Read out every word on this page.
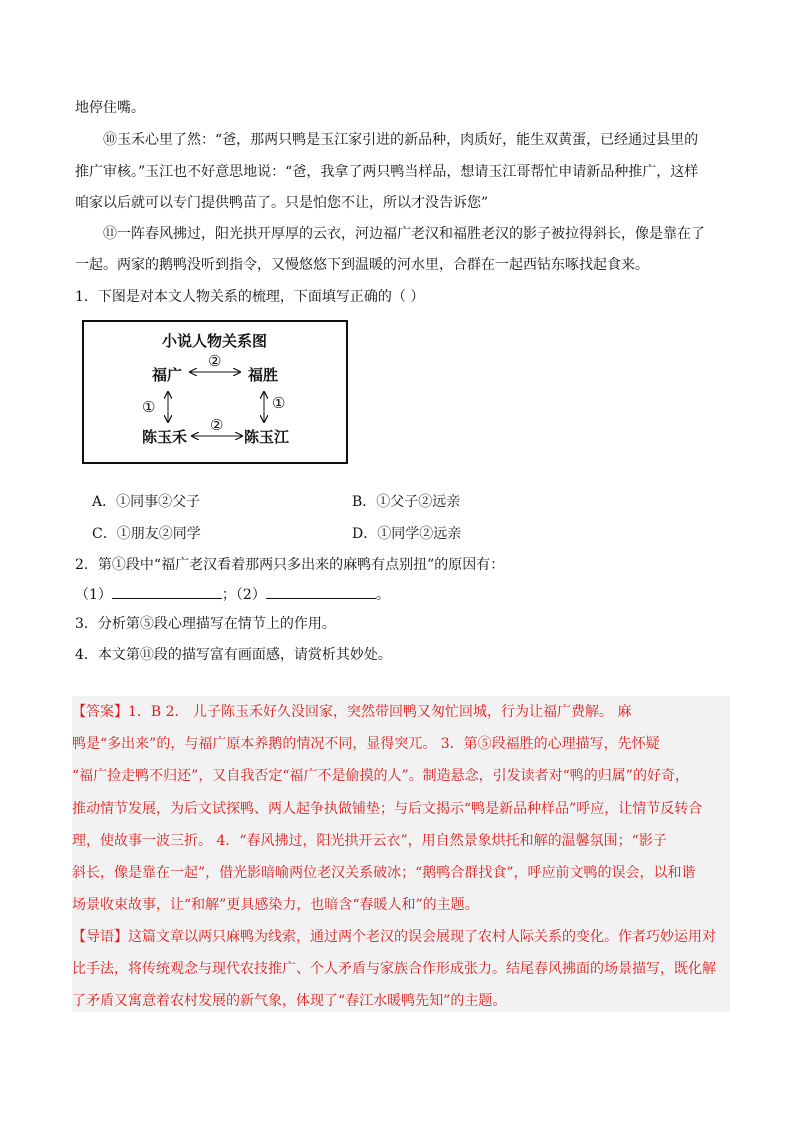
地停住嘴。
⑩玉禾心里了然：“爸，那两只鸭是玉江家引进的新品种，肉质好，能生双黄蛋，已经通过县里的
推广审核。”玉江也不好意思地说：“爸，我拿了两只鸭当样品，想请玉江哥帮忙申请新品种推广，这样
咱家以后就可以专门提供鸭苗了。只是怕您不让，所以才没告诉您”
⑪一阵春风拂过，阳光拱开厚厚的云衣，河边福广老汉和福胜老汉的影子被拉得斜长，像是靠在了
一起。两家的鹅鸭没听到指令，又慢悠悠下到温暖的河水里，合群在一起西钻东啄找起食来。
1．下图是对本文人物关系的梳理，下面填写正确的（ ）
小说人物关系图
福广	福胜
陈玉禾	陈玉江
②
②
①	①
A．①同事②父子	B．①父子②远亲
C．①朋友②同学	D．①同学②远亲
2．第①段中“福广老汉看着那两只多出来的麻鸭有点别扭”的原因有：
（1）	；（2）	。
3．分析第⑤段心理描写在情节上的作用。
4．本文第⑪段的描写富有画面感，请赏析其妙处。
【答案】1．B 2． 儿子陈玉禾好久没回家，突然带回鸭又匆忙回城，行为让福广费解。 麻
鸭是“多出来”的，与福广原本养鹅的情况不同，显得突兀。 3．第⑤段福胜的心理描写，先怀疑
“福广捡走鸭不归还”，又自我否定“福广不是偷摸的人”。制造悬念，引发读者对“鸭的归属”的好奇，
推动情节发展，为后文试探鸭、两人起争执做铺垫；与后文揭示“鸭是新品种样品”呼应，让情节反转合
理，使故事一波三折。 4．“春风拂过，阳光拱开云衣”，用自然景象烘托和解的温馨氛围；“影子
斜长，像是靠在一起”，借光影暗喻两位老汉关系破冰；“鹅鸭合群找食”，呼应前文鸭的误会，以和谐
场景收束故事，让“和解”更具感染力，也暗含“春暖人和”的主题。
【导语】这篇文章以两只麻鸭为线索，通过两个老汉的误会展现了农村人际关系的变化。作者巧妙运用对
比手法，将传统观念与现代农技推广、个人矛盾与家族合作形成张力。结尾春风拂面的场景描写，既化解
了矛盾又寓意着农村发展的新气象，体现了“春江水暖鸭先知”的主题。
